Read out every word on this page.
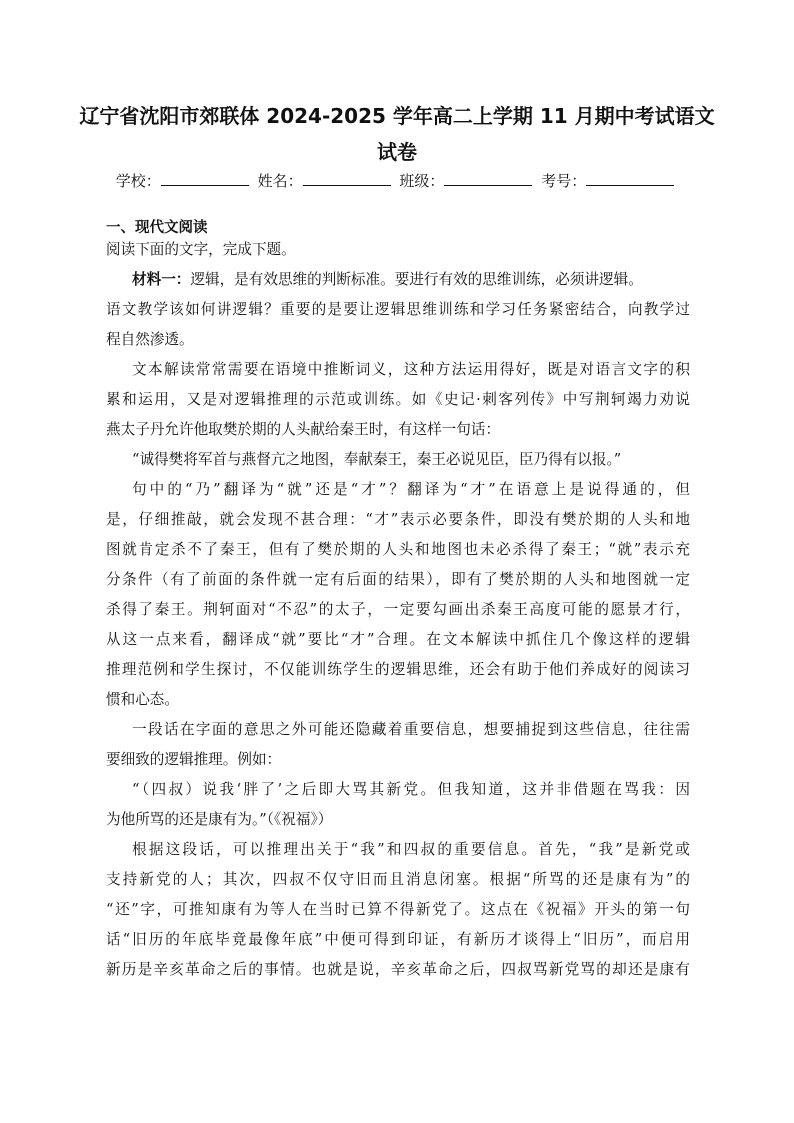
辽宁省沈阳市郊联体 2024-2025 学年高二上学期 11 月期中考试语文
试卷
学校：	姓名：	班级：	考号：
一、现代文阅读
阅读下面的文字，完成下题。
材料一：逻辑，是有效思维的判断标准。要进行有效的思维训练，必须讲逻辑。
语文教学该如何讲逻辑？重要的是要让逻辑思维训练和学习任务紧密结合，向教学过
程自然渗透。
文本解读常常需要在语境中推断词义，这种方法运用得好，既是对语言文字的积
累和运用，又是对逻辑推理的示范或训练。如《史记·刺客列传》中写荆轲竭力劝说
燕太子丹允许他取樊於期的人头献给秦王时，有这样一句话：
“诚得樊将军首与燕督亢之地图，奉献秦王，秦王必说见臣，臣乃得有以报。”
句中的“乃”翻译为“就”还是“才”？翻译为“才”在语意上是说得通的，但
是，仔细推敲，就会发现不甚合理：“才”表示必要条件，即没有樊於期的人头和地
图就肯定杀不了秦王，但有了樊於期的人头和地图也未必杀得了秦王；“就”表示充
分条件（有了前面的条件就一定有后面的结果），即有了樊於期的人头和地图就一定
杀得了秦王。荆轲面对“不忍”的太子，一定要勾画出杀秦王高度可能的愿景才行，
从这一点来看，翻译成“就”要比“才”合理。在文本解读中抓住几个像这样的逻辑
推理范例和学生探讨，不仅能训练学生的逻辑思维，还会有助于他们养成好的阅读习
惯和心态。
一段话在字面的意思之外可能还隐藏着重要信息，想要捕捉到这些信息，往往需
要细致的逻辑推理。例如：
“（四叔）说我‘胖了’之后即大骂其新党。但我知道，这并非借题在骂我：因
为他所骂的还是康有为。”（《祝福》）
根据这段话，可以推理出关于“我”和四叔的重要信息。首先，“我”是新党或
支持新党的人；其次，四叔不仅守旧而且消息闭塞。根据“所骂的还是康有为”的
“还”字，可推知康有为等人在当时已算不得新党了。这点在《祝福》开头的第一句
话“旧历的年底毕竟最像年底”中便可得到印证，有新历才谈得上“旧历”，而启用
新历是辛亥革命之后的事情。也就是说，辛亥革命之后，四叔骂新党骂的却还是康有
